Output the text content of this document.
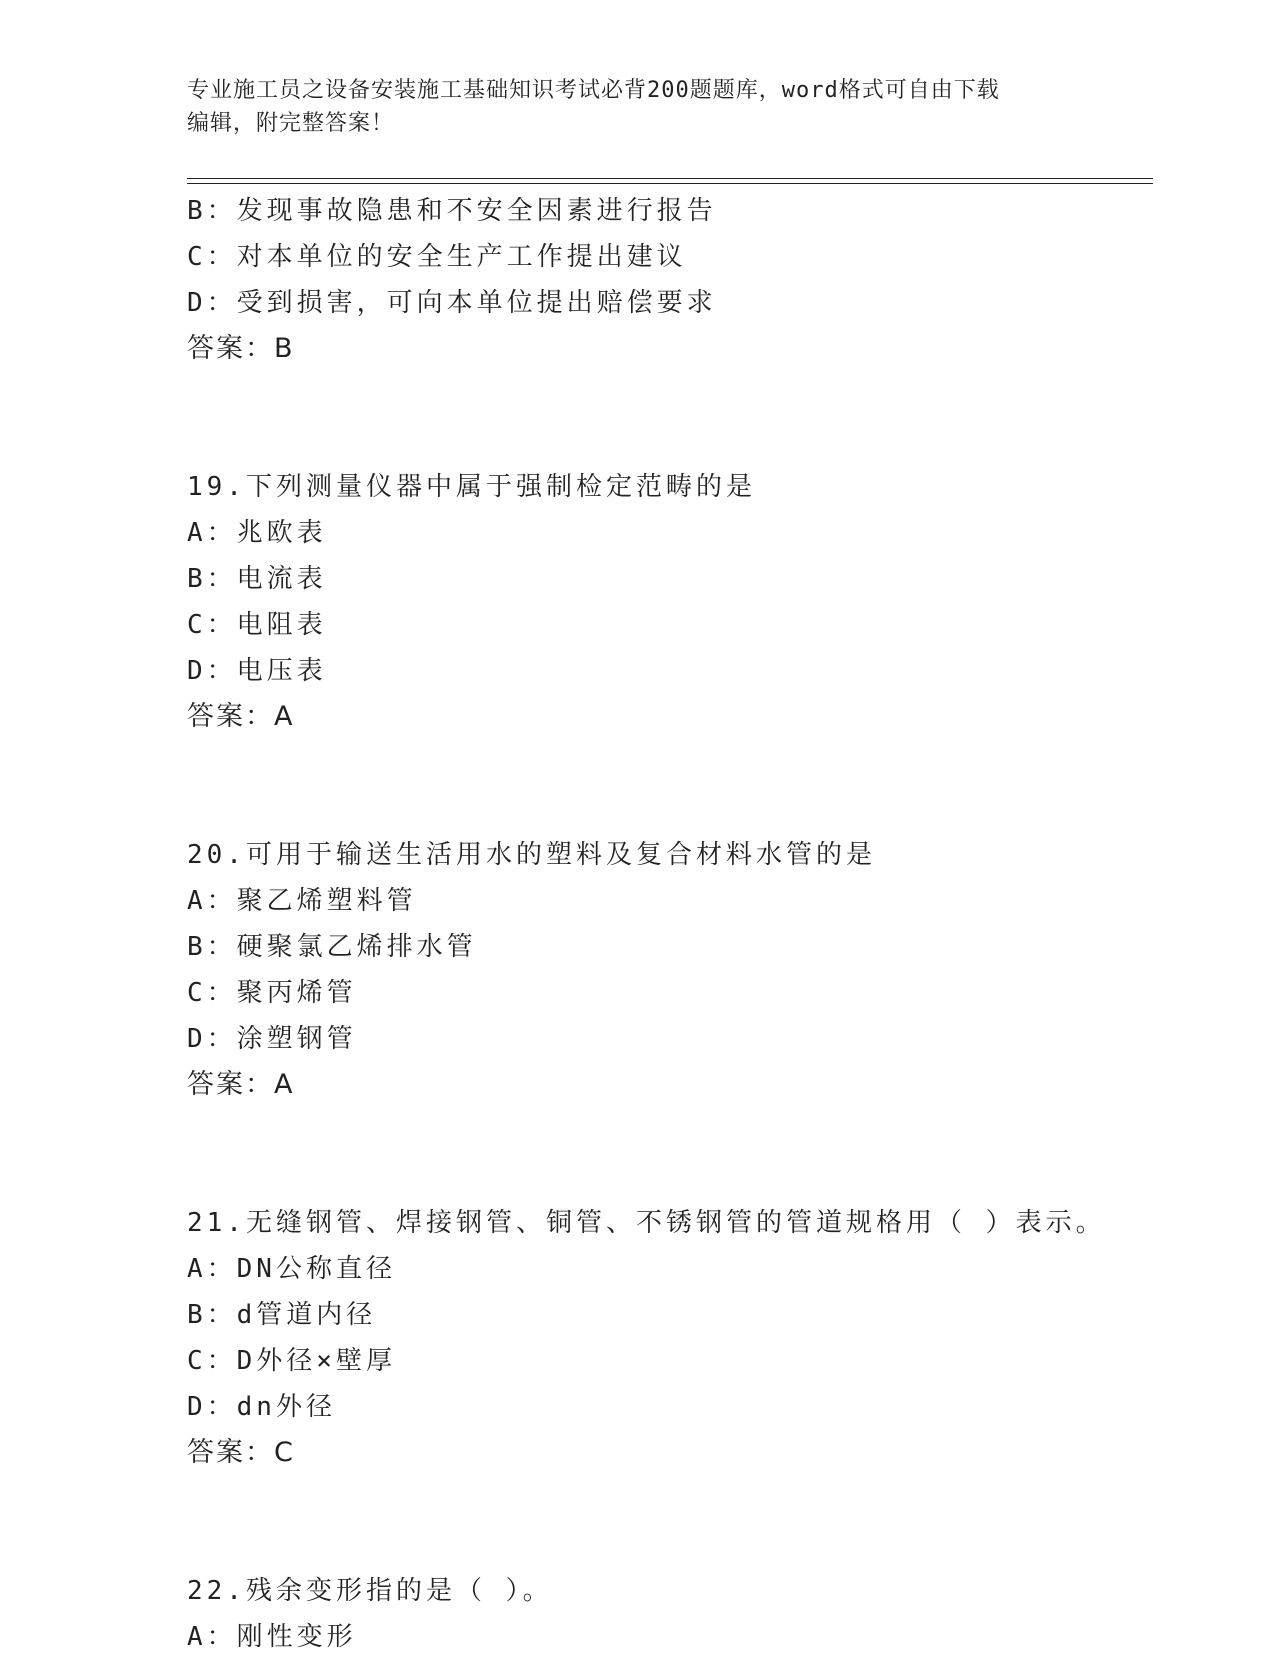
专业施工员之设备安装施工基础知识考试必背200题题库，word格式可自由下载
编辑，附完整答案！
B：发现事故隐患和不安全因素进行报告
C：对本单位的安全生产工作提出建议
D：受到损害，可向本单位提出赔偿要求
答案：B
19.下列测量仪器中属于强制检定范畴的是
A：兆欧表
B：电流表
C：电阻表
D：电压表
答案：A
20.可用于输送生活用水的塑料及复合材料水管的是
A：聚乙烯塑料管
B：硬聚氯乙烯排水管
C：聚丙烯管
D：涂塑钢管
答案：A
21.无缝钢管、焊接钢管、铜管、不锈钢管的管道规格用（ ）表示。
A：DN公称直径
B：d管道内径
C：D外径×壁厚
D：dn外径
答案：C
22.残余变形指的是（ ）。
A：刚性变形
